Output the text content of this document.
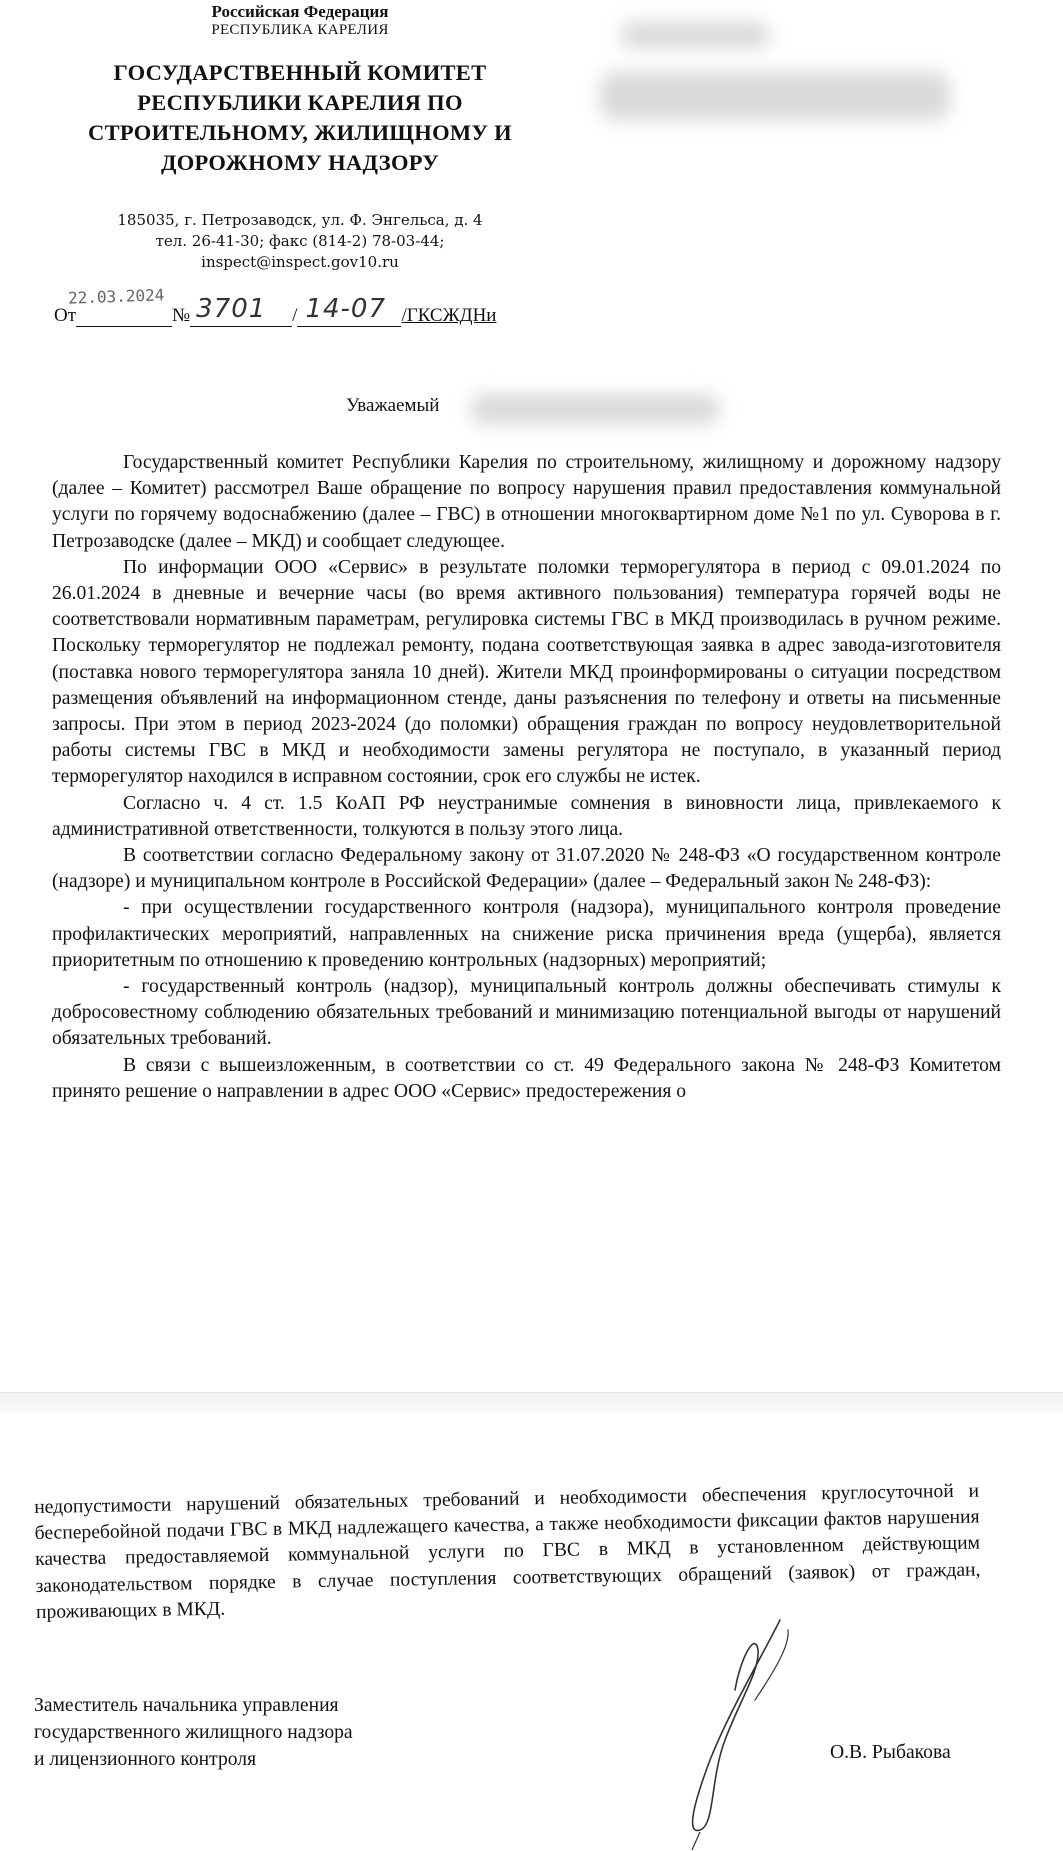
Российская Федерация
РЕСПУБЛИКА КАРЕЛИЯ
ГОСУДАРСТВЕННЫЙ КОМИТЕТ
РЕСПУБЛИКИ КАРЕЛИЯ ПО
СТРОИТЕЛЬНОМУ, ЖИЛИЩНОМУ И
ДОРОЖНОМУ НАДЗОРУ
185035, г. Петрозаводск, ул. Ф. Энгельса, д. 4
тел. 26-41-30; факс (814-2) 78-03-44;
inspect@inspect.gov10.ru
22.03.2024
От	№ 3701 / 14-07 /ГКСЖДНи
Уважаемый

Государственный комитет Республики Карелия по строительному, жилищному и дорожному надзору (далее – Комитет) рассмотрел Ваше обращение по вопросу нарушения правил предоставления коммунальной услуги по горячему водоснабжению (далее – ГВС) в отношении многоквартирном доме №1 по ул. Суворова в г. Петрозаводске (далее – МКД) и сообщает следующее.

По информации ООО «Сервис» в результате поломки терморегулятора в период с 09.01.2024 по 26.01.2024 в дневные и вечерние часы (во время активного пользования) температура горячей воды не соответствовали нормативным параметрам, регулировка системы ГВС в МКД производилась в ручном режиме. Поскольку терморегулятор не подлежал ремонту, подана соответствующая заявка в адрес завода-изготовителя (поставка нового терморегулятора заняла 10 дней). Жители МКД проинформированы о ситуации посредством размещения объявлений на информационном стенде, даны разъяснения по телефону и ответы на письменные запросы. При этом в период 2023-2024 (до поломки) обращения граждан по вопросу неудовлетворительной работы системы ГВС в МКД и необходимости замены регулятора не поступало, в указанный период терморегулятор находился в исправном состоянии, срок его службы не истек.

Согласно ч. 4 ст. 1.5 КоАП РФ неустранимые сомнения в виновности лица, привлекаемого к административной ответственности, толкуются в пользу этого лица.

В соответствии согласно Федеральному закону от 31.07.2020 № 248-ФЗ «О государственном контроле (надзоре) и муниципальном контроле в Российской Федерации» (далее – Федеральный закон № 248-ФЗ):

- при осуществлении государственного контроля (надзора), муниципального контроля проведение профилактических мероприятий, направленных на снижение риска причинения вреда (ущерба), является приоритетным по отношению к проведению контрольных (надзорных) мероприятий;

- государственный контроль (надзор), муниципальный контроль должны обеспечивать стимулы к добросовестному соблюдению обязательных требований и минимизацию потенциальной выгоды от нарушений обязательных требований.

В связи с вышеизложенным, в соответствии со ст. 49 Федерального закона № 248-ФЗ Комитетом принято решение о направлении в адрес ООО «Сервис» предостережения о

недопустимости нарушений обязательных требований и необходимости обеспечения круглосуточной и бесперебойной подачи ГВС в МКД надлежащего качества, а также необходимости фиксации фактов нарушения качества предоставляемой коммунальной услуги по ГВС в МКД в установленном действующим законодательством порядке в случае поступления соответствующих обращений (заявок) от граждан, проживающих в МКД.

Заместитель начальника управления
государственного жилищного надзора
и лицензионного контроля	О.В. Рыбакова
